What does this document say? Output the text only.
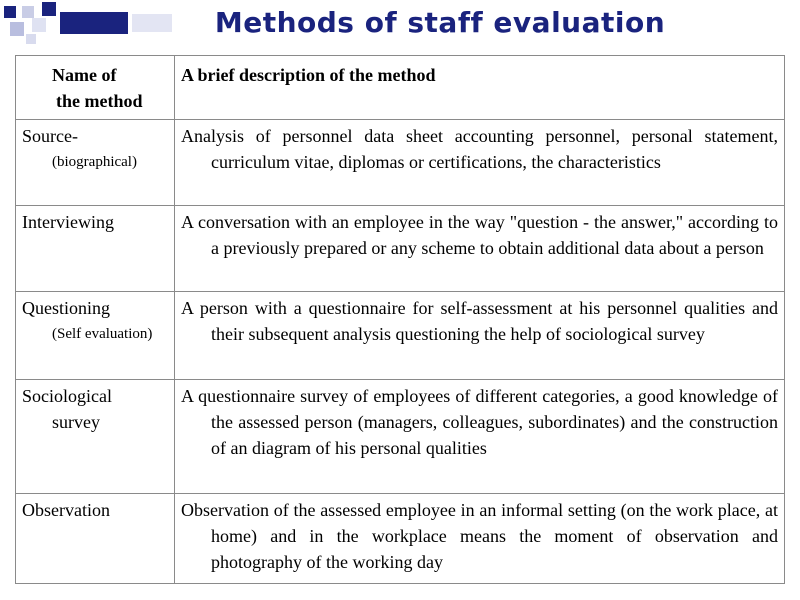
Methods of staff evaluation
Name of
the method	A brief description of the method

Source-
(biographical)	Analysis of personnel data sheet accounting personnel, personal statement, curriculum vitae, diplomas or certifications, the characteristics

Interviewing	A conversation with an employee in the way "question - the answer," according to a previously prepared or any scheme to obtain additional data about a person

Questioning
(Self evaluation)	A person with a questionnaire for self-assessment at his personnel qualities and their subsequent analysis questioning the help of sociological survey

Sociological
survey	A questionnaire survey of employees of different categories, a good knowledge of the assessed person (managers, colleagues, subordinates) and the construction of an diagram of his personal qualities

Observation	Observation of the assessed employee in an informal setting (on the work place, at home) and in the workplace means the moment of observation and photography of the working day
